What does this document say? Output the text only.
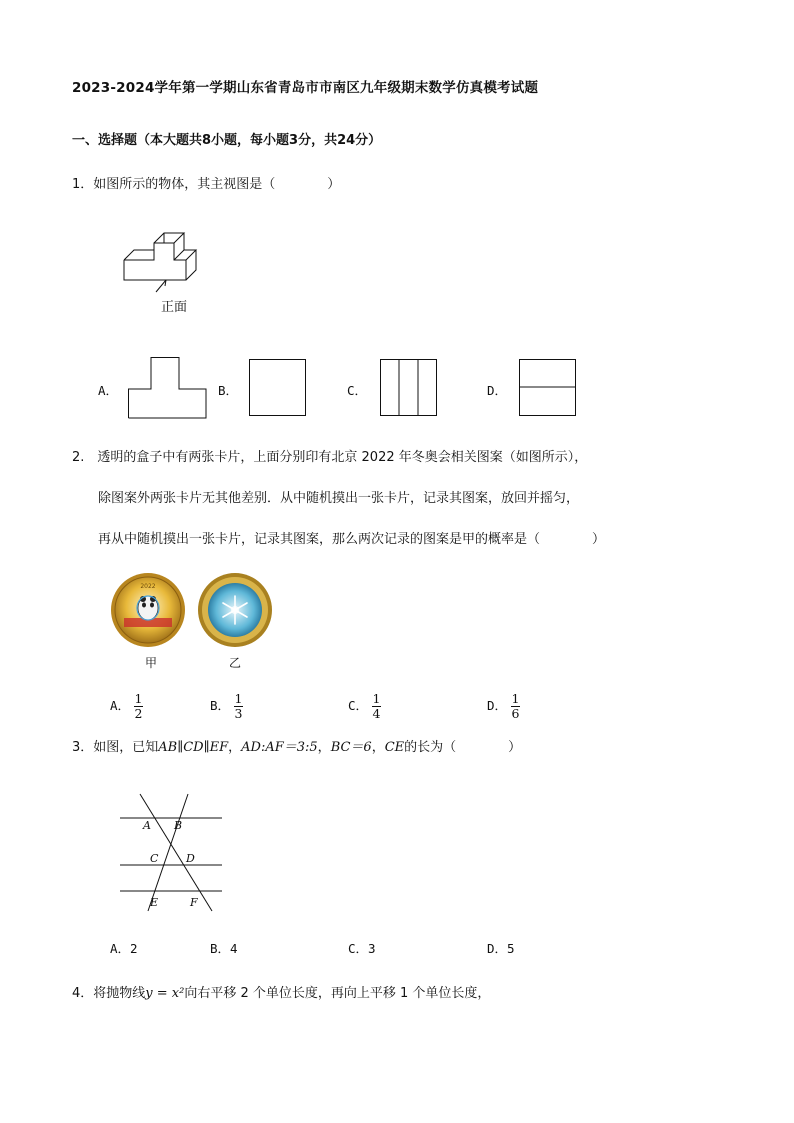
2023-2024学年第一学期山东省青岛市市南区九年级期末数学仿真模考试题
一、选择题（本大题共8小题，每小题3分，共24分）
1．如图所示的物体，其主视图是（　　　　）
正面
A．	B．	C．	D．
2.　透明的盒子中有两张卡片，上面分别印有北京 2022 年冬奥会相关图案（如图所示），
除图案外两张卡片无其他差别．从中随机摸出一张卡片，记录其图案，放回并摇匀，
再从中随机摸出一张卡片，记录其图案，那么两次记录的图案是甲的概率是（　　　　）
2022
甲	乙
A． $\frac{1}{2}$	B． $\frac{1}{3}$	C． $\frac{1}{4}$	D． $\frac{1}{6}$
3．如图，已知AB∥CD∥EF，AD:AF＝3:5，BC＝6，CE的长为（　　　　）
A B
C	D
E	F
A．2	B．4	C．3	D．5
4．将抛物线y = x²向右平移 2 个单位长度，再向上平移 1 个单位长度，
